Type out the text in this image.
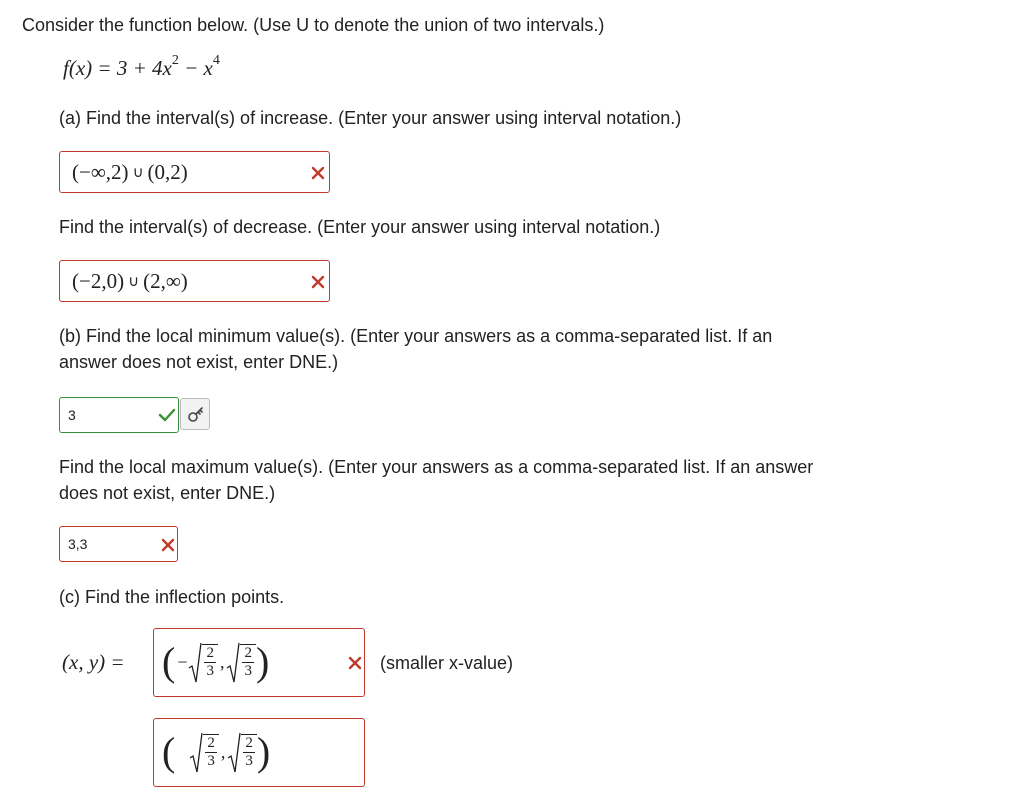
Consider the function below. (Use U to denote the union of two intervals.)
$f(x) = 3 + 4x^2 - x^4$
(a) Find the interval(s) of increase. (Enter your answer using interval notation.)
(−∞,2) ∪ (0,2)
Find the interval(s) of decrease. (Enter your answer using interval notation.)
(−2,0) ∪ (2,∞)
(b) Find the local minimum value(s). (Enter your answers as a comma-separated list. If an
answer does not exist, enter DNE.)
3
Find the local maximum value(s). (Enter your answers as a comma-separated list. If an answer
does not exist, enter DNE.)
3,3
(c) Find the inflection points.
(x, y) = ( − $\frac{2}{3}$ , $\frac{2}{3}$ )	(smaller x-value)
( $\frac{2}{3}$ , $\frac{2}{3}$ )
